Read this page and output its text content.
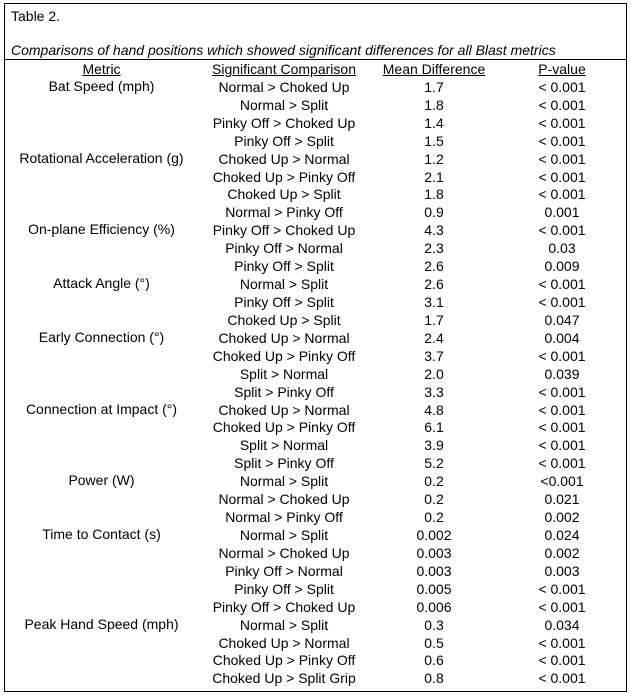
Table 2.
Comparisons of hand positions which showed significant differences for all Blast metrics
Metric	Significant Comparison	Mean Difference	P-value
Bat Speed (mph)	Normal > Choked Up	1.7	< 0.001
	Normal > Split	1.8	< 0.001
	Pinky Off > Choked Up	1.4	< 0.001
	Pinky Off > Split	1.5	< 0.001
Rotational Acceleration (g)	Choked Up > Normal	1.2	< 0.001
	Choked Up > Pinky Off	2.1	< 0.001
	Choked Up > Split	1.8	< 0.001
	Normal > Pinky Off	0.9	0.001
On-plane Efficiency (%)	Pinky Off > Choked Up	4.3	< 0.001
	Pinky Off > Normal	2.3	0.03
	Pinky Off > Split	2.6	0.009
Attack Angle (°)	Normal > Split	2.6	< 0.001
	Pinky Off > Split	3.1	< 0.001
	Choked Up > Split	1.7	0.047
Early Connection (°)	Choked Up > Normal	2.4	0.004
	Choked Up > Pinky Off	3.7	< 0.001
	Split > Normal	2.0	0.039
	Split > Pinky Off	3.3	< 0.001
Connection at Impact (°)	Choked Up > Normal	4.8	< 0.001
	Choked Up > Pinky Off	6.1	< 0.001
	Split > Normal	3.9	< 0.001
	Split > Pinky Off	5.2	< 0.001
Power (W)	Normal > Split	0.2	<0.001
	Normal > Choked Up	0.2	0.021
	Normal > Pinky Off	0.2	0.002
Time to Contact (s)	Normal > Split	0.002	0.024
	Normal > Choked Up	0.003	0.002
	Pinky Off > Normal	0.003	0.003
	Pinky Off > Split	0.005	< 0.001
	Pinky Off > Choked Up	0.006	< 0.001
Peak Hand Speed (mph)	Normal > Split	0.3	0.034
	Choked Up > Normal	0.5	< 0.001
	Choked Up > Pinky Off	0.6	< 0.001
	Choked Up > Split Grip	0.8	< 0.001
